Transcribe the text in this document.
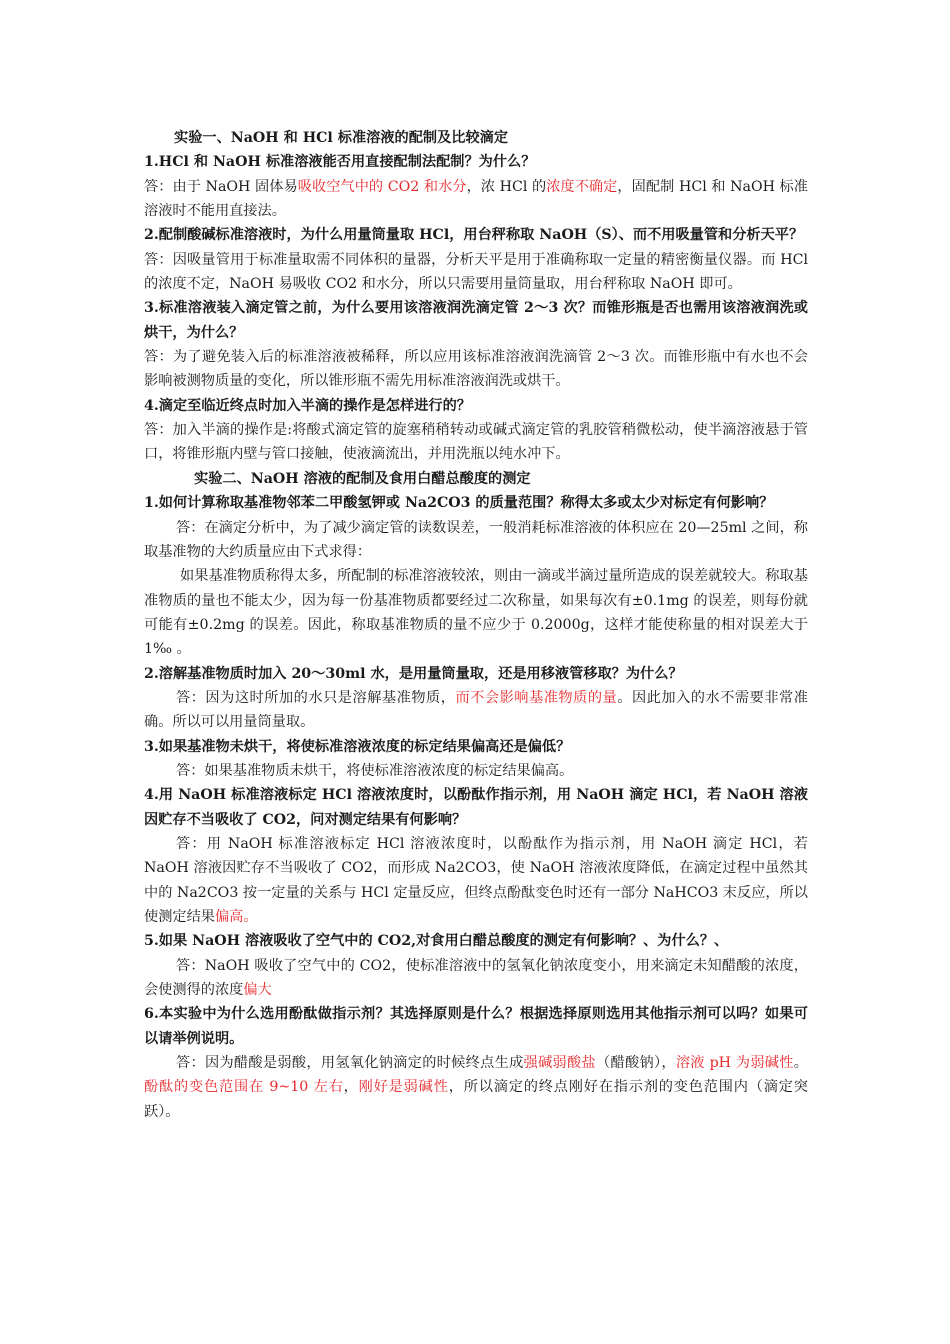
实验一、NaOH 和 HCl 标准溶液的配制及比较滴定

1.HCl 和 NaOH 标准溶液能否用直接配制法配制？为什么？

答：由于 NaOH 固体易吸收空气中的 CO2 和水分，浓 HCl 的浓度不确定，固配制 HCl 和 NaOH 标准溶液时不能用直接法。

2.配制酸碱标准溶液时，为什么用量筒量取 HCl，用台秤称取 NaOH（S）、而不用吸量管和分析天平？

答：因吸量管用于标准量取需不同体积的量器，分析天平是用于准确称取一定量的精密衡量仪器。而 HCl 的浓度不定，NaOH 易吸收 CO2 和水分，所以只需要用量筒量取，用台秤称取 NaOH 即可。

3.标准溶液装入滴定管之前，为什么要用该溶液润洗滴定管 2～3 次？而锥形瓶是否也需用该溶液润洗或烘干，为什么？

答：为了避免装入后的标准溶液被稀释，所以应用该标准溶液润洗滴管 2～3 次。而锥形瓶中有水也不会影响被测物质量的变化，所以锥形瓶不需先用标准溶液润洗或烘干。

4.滴定至临近终点时加入半滴的操作是怎样进行的？

答：加入半滴的操作是:将酸式滴定管的旋塞稍稍转动或碱式滴定管的乳胶管稍微松动，使半滴溶液悬于管口，将锥形瓶内壁与管口接触，使液滴流出，并用洗瓶以纯水冲下。

实验二、NaOH 溶液的配制及食用白醋总酸度的测定

1.如何计算称取基准物邻苯二甲酸氢钾或 Na2CO3 的质量范围？称得太多或太少对标定有何影响？

答：在滴定分析中，为了减少滴定管的读数误差，一般消耗标准溶液的体积应在 20—25ml 之间，称取基准物的大约质量应由下式求得：

如果基准物质称得太多，所配制的标准溶液较浓，则由一滴或半滴过量所造成的误差就较大。称取基准物质的量也不能太少，因为每一份基准物质都要经过二次称量，如果每次有±0.1mg 的误差，则每份就可能有±0.2mg 的误差。因此，称取基准物质的量不应少于 0.2000g，这样才能使称量的相对误差大于 1‰ 。

2.溶解基准物质时加入 20～30ml 水，是用量筒量取，还是用移液管移取？为什么？

答：因为这时所加的水只是溶解基准物质，而不会影响基准物质的量。因此加入的水不需要非常准确。所以可以用量筒量取。

3.如果基准物未烘干，将使标准溶液浓度的标定结果偏高还是偏低？

答：如果基准物质未烘干，将使标准溶液浓度的标定结果偏高。

4.用 NaOH 标准溶液标定 HCl 溶液浓度时，以酚酞作指示剂，用 NaOH 滴定 HCl，若 NaOH 溶液因贮存不当吸收了 CO2，问对测定结果有何影响？

答：用 NaOH 标准溶液标定 HCl 溶液浓度时，以酚酞作为指示剂，用 NaOH 滴定 HCl，若 NaOH 溶液因贮存不当吸收了 CO2，而形成 Na2CO3，使 NaOH 溶液浓度降低，在滴定过程中虽然其中的 Na2CO3 按一定量的关系与 HCl 定量反应，但终点酚酞变色时还有一部分 NaHCO3 末反应，所以使测定结果偏高。

5.如果 NaOH 溶液吸收了空气中的 CO2,对食用白醋总酸度的测定有何影响？、为什么？、

答：NaOH 吸收了空气中的 CO2，使标准溶液中的氢氧化钠浓度变小，用来滴定未知醋酸的浓度，会使测得的浓度偏大

6.本实验中为什么选用酚酞做指示剂？其选择原则是什么？根据选择原则选用其他指示剂可以吗？如果可以请举例说明。

答：因为醋酸是弱酸，用氢氧化钠滴定的时候终点生成强碱弱酸盐（醋酸钠），溶液 pH 为弱碱性。酚酞的变色范围在 9~10 左右，刚好是弱碱性，所以滴定的终点刚好在指示剂的变色范围内（滴定突跃）。
